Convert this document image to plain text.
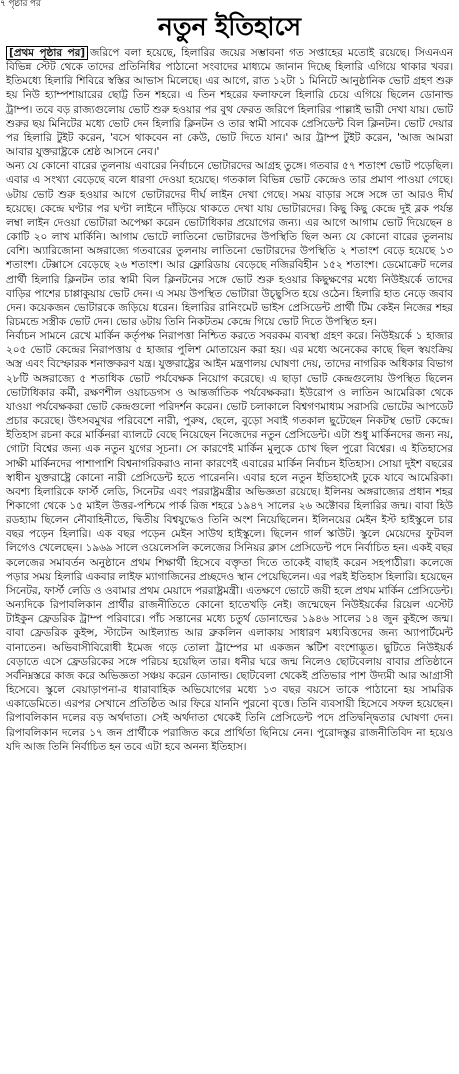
৭ পৃষ্ঠার পর
নতুন ইতিহাসে

[প্রথম পৃষ্ঠার পর] জরিপে বলা হয়েছে, হিলারির জয়ের সম্ভাবনা গত সপ্তাহের মতোই রয়েছে। সিএনএন বিভিন্ন স্টেট থেকে তাদের প্রতিনিধির পাঠানো সংবাদের মাধ্যমে জানান দিচ্ছে হিলারি এগিয়ে থাকার খবর। ইতিমধ্যে হিলারি শিবিরে স্বস্তির আভাস মিলেছে। এর আগে, রাত ১২টা ১ মিনিটে আনুষ্ঠানিক ভোট গ্রহণ শুরু হয় নিউ হ্যাম্পশায়ারের ছোট্ট তিন শহরে। এ তিন শহরের ফলাফলে হিলারি চেয়ে এগিয়ে ছিলেন ডোনাল্ড ট্রাম্প। তবে বড় রাজ্যগুলোয় ভোট শুরু হওয়ার পর বুথ ফেরত জরিপে হিলারির পাল্লাই ভারী দেখা যায়। ভোট শুরুর ছয় মিনিটের মধ্যে ভোট দেন হিলারি ক্লিনটন ও তার স্বামী সাবেক প্রেসিডেন্ট বিল ক্লিনটন। ভোট দেয়ার পর হিলারি টুইট করেন, 'বসে থাকবেন না কেউ, ভোট দিতে যান।' আর ট্রাম্প টুইট করেন, 'আজ আমরা আবার যুক্তরাষ্ট্রকে শ্রেষ্ঠ আসনে নেব।'

অন্য যে কোনো বারের তুলনায় এবারের নির্বাচনে ভোটারদের আগ্রহ তুঙ্গে। গতবার ৫৭ শতাংশ ভোট পড়েছিল। এবার এ সংখ্যা বেড়েছে বলে ধারণা দেওয়া হয়েছে। গতকাল বিভিন্ন ভোট কেন্দ্রেও তার প্রমাণ পাওয়া গেছে। ৬টায় ভোট শুরু হওয়ার আগে ভোটারদের দীর্ঘ লাইন দেখা গেছে। সময় বাড়ার সঙ্গে সঙ্গে তা আরও দীর্ঘ হয়েছে। কেন্দ্রে ঘণ্টার পর ঘণ্টা লাইনে দাঁড়িয়ে থাকতে দেখা যায় ভোটারদের। কিছু কিছু কেন্দ্রে দুই ব্লক পর্যন্ত লম্বা লাইন দেওয়া ভোটারা অপেক্ষা করেন ভোটাধিকার প্রয়োগের জন্য। এর আগে আগাম ভোট দিয়েছেন ৪ কোটি ২০ লাখ মার্কিনি। আগাম ভোটে লাতিনো ভোটারদের উপস্থিতি ছিল অন্য যে কোনো বারের তুলনায় বেশি। অ্যারিজোনা অঙ্গরাজ্যে গতবারের তুলনায় লাতিনো ভোটারদের উপস্থিতি ২ শতাংশ বেড়ে হয়েছে ১৩ শতাংশ। টেক্সাসে বেড়েছে ২৬ শতাংশ। আর ফ্লোরিডায় বেড়েছে নজিরবিহীন ১৫২ শতাংশ। ডেমোক্রেট দলের প্রার্থী হিলারি ক্লিনটন তার স্বামী বিল ক্লিনটনের সঙ্গে ভোট শুরু হওয়ার কিছুক্ষণের মধ্যে নিউইয়র্কে তাদের বাড়ির পাশের চাপ্পাকুয়ায় ভোট দেন। এ সময় উপস্থিত ভোটারা উচ্ছ্বসিত হয়ে ওঠেন। হিলারি হাত নেড়ে জবাব দেন। কয়েকজন ভোটারকে জড়িয়ে ধরেন। হিলারির রানিংমেট ভাইস প্রেসিডেন্ট প্রার্থী টিম কেইন নিজের শহর রিচমন্ডে সস্ত্রীক ভোট দেন। ভোর ৬টায় তিনি নিকটতম কেন্দ্রে গিয়ে ভোট দিতে উপস্থিত হন।

নির্বাচন সামনে রেখে মার্কিন কর্তৃপক্ষ নিরাপত্তা নিশ্চিত করতে সবরকম ব্যবস্থা গ্রহণ করে। নিউইয়র্কে ১ হাজার ২০৫ ভোট কেন্দ্রের নিরাপত্তায় ৫ হাজার পুলিশ মোতায়েন করা হয়। এর মধ্যে অনেকের কাছে ছিল স্বয়ংক্রিয় অস্ত্র এবং বিস্ফোরক শনাক্তকরণ যন্ত্র। যুক্তরাষ্ট্রের আইন মন্ত্রণালয় ঘোষণা দেয়, তাদের নাগরিক অধিকার বিভাগ ২৮টি অঙ্গরাজ্যে ৫ শতাধিক ভোট পর্যবেক্ষক নিয়োগ করেছে। এ ছাড়া ভোট কেন্দ্রগুলোয় উপস্থিত ছিলেন ভোটাধিকার কর্মী, রক্ষণশীল ওয়াচডগস ও আন্তর্জাতিক পর্যবেক্ষকরা। ইউরোপ ও লাতিন আমেরিকা থেকে যাওয়া পর্যবেক্ষকরা ভোট কেন্দ্রগুলো পরিদর্শন করেন। ভোট চলাকালে বিশ্বগণমাধ্যম সরাসরি ভোটের আপডেট প্রচার করেছে। উৎসবমুখর পরিবেশে নারী, পুরুষ, ছেলে, বুড়ো সবাই গতকাল ছুটেছেন নিকটস্থ ভোট কেন্দ্রে। ইতিহাস রচনা করে মার্কিনরা ব্যালটে বেছে নিয়েছেন নিজেদের নতুন প্রেসিডেন্ট। এটা শুধু মার্কিনদের জন্য নয়, গোটা বিশ্বের জন্য এক নতুন যুগের সূচনা। সে কারণেই মার্কিন মুলুকে চোখ ছিল পুরো বিশ্বের। এ ইতিহাসের সাক্ষী মার্কিনদের পাশাপাশি বিশ্বনাগরিকরাও নানা কারণেই এবারের মার্কিন নির্বাচন ইতিহাস। সোয়া দুইশ বছরের স্বাধীন যুক্তরাষ্ট্রে কোনো নারী প্রেসিডেন্ট হতে পারেননি। এবার হলে নতুন ইতিহাসেই ঢুকে যাবে আমেরিকা। অবশ্য হিলারিকে ফার্স্ট লেডি, সিনেটর এবং পররাষ্ট্রমন্ত্রীর অভিজ্ঞতা রয়েছে। ইলিনয় অঙ্গরাজ্যের প্রধান শহর শিকাগো থেকে ১৫ মাইল উত্তর-পশ্চিমে পার্ক রিজ শহরে ১৯৪৭ সালের ২৬ অক্টোবর হিলারির জন্ম। বাবা হিউ রডহ্যাম ছিলেন নৌবাহিনীতে, দ্বিতীয় বিশ্বযুদ্ধেও তিনি অংশ নিয়েছিলেন। ইলিনয়ের মেইন ইস্ট হাইস্কুলে চার বছর পড়েন হিলারি। এক বছর পড়েন মেইন সাউথ হাইস্কুলে। ছিলেন গার্ল স্কাউট। স্কুলে মেয়েদের ফুটবল লিগেও খেলেছেন। ১৯৬৯ সালে ওয়েলেসলি কলেজের সিনিয়র ক্লাস প্রেসিডেন্ট পদে নির্বাচিত হন। একই বছর কলেজের সমাবর্তন অনুষ্ঠানে প্রথম শিক্ষার্থী হিসেবে বক্তৃতা দিতে তাকেই বাছাই করেন সহপাঠীরা। কলেজে পড়ার সময় হিলারি একবার লাইফ ম্যাগাজিনের প্রচ্ছদেও স্থান পেয়েছিলেন। এর পরই ইতিহাস হিলারি। হয়েছেন সিনেটর, ফার্স্ট লেডি ও ওবামার প্রথম মেয়াদে পররাষ্ট্রমন্ত্রী। এতক্ষণে ভোটে জয়ী হলে প্রথম মার্কিন প্রেসিডেন্ট। অন্যদিকে রিপাবলিকান প্রার্থীর রাজনীতিতে কোনো হাতেখড়ি নেই। জন্মেছেন নিউইয়র্কের রিয়েল এস্টেট টাইকুন ফ্রেডরিক ট্রাম্প পরিবারে। পাঁচ সন্তানের মধ্যে চতুর্থ ডোনাল্ডের ১৯৪৬ সালের ১৪ জুন কুইন্সে জন্ম। বাবা ফ্রেডরিক কুইন্স, স্টাটেন আইল্যান্ড আর ব্রুকলিন এলাকায় সাধারণ মধ্যবিত্তদের জন্য অ্যাপার্টমেন্ট বানাতেন। অভিবাসীবিরোধী ইমেজ গড়ে তোলা ট্রাম্পের মা একজন স্কটিশ বংশোদ্ভূত। ছুটিতে নিউইয়র্ক বেড়াতে এসে ফ্রেডরিকের সঙ্গে পরিচয় হয়েছিল তার। ধনীর ঘরে জন্ম নিলেও ছোটবেলায় বাবার প্রতিষ্ঠানে সর্বনিম্নস্তরে কাজ করে অভিজ্ঞতা সঞ্চয় করেন ডোনাল্ড। ছোটবেলা থেকেই প্রতিভার পাশ উদ্যমী আর আগ্রাসী হিসেবে। স্কুলে বেয়াড়াপনা-র ধারাবাহিক অভিযোগের মধ্যে ১৩ বছর বয়সে তাকে পাঠানো হয় সামরিক একাডেমিতে। এরপর সেখানে প্রতিষ্ঠিত আর ফিরে যাননি পুরনো বৃত্তে। তিনি ব্যবসায়ী হিসেবে সফল হয়েছেন। রিপাবলিকান দলের বড় অর্থদাতা। সেই অর্থদাতা থেকেই তিনি প্রেসিডেন্ট পদে প্রতিদ্বন্দ্বিতার ঘোষণা দেন। রিপাবলিকান দলের ১৭ জন প্রার্থীকে পরাজিত করে প্রার্থিতা ছিনিয়ে নেন। পুরোদস্তুর রাজনীতিবিদ না হয়েও যদি আজ তিনি নির্বাচিত হন তবে এটা হবে অনন্য ইতিহাস।
